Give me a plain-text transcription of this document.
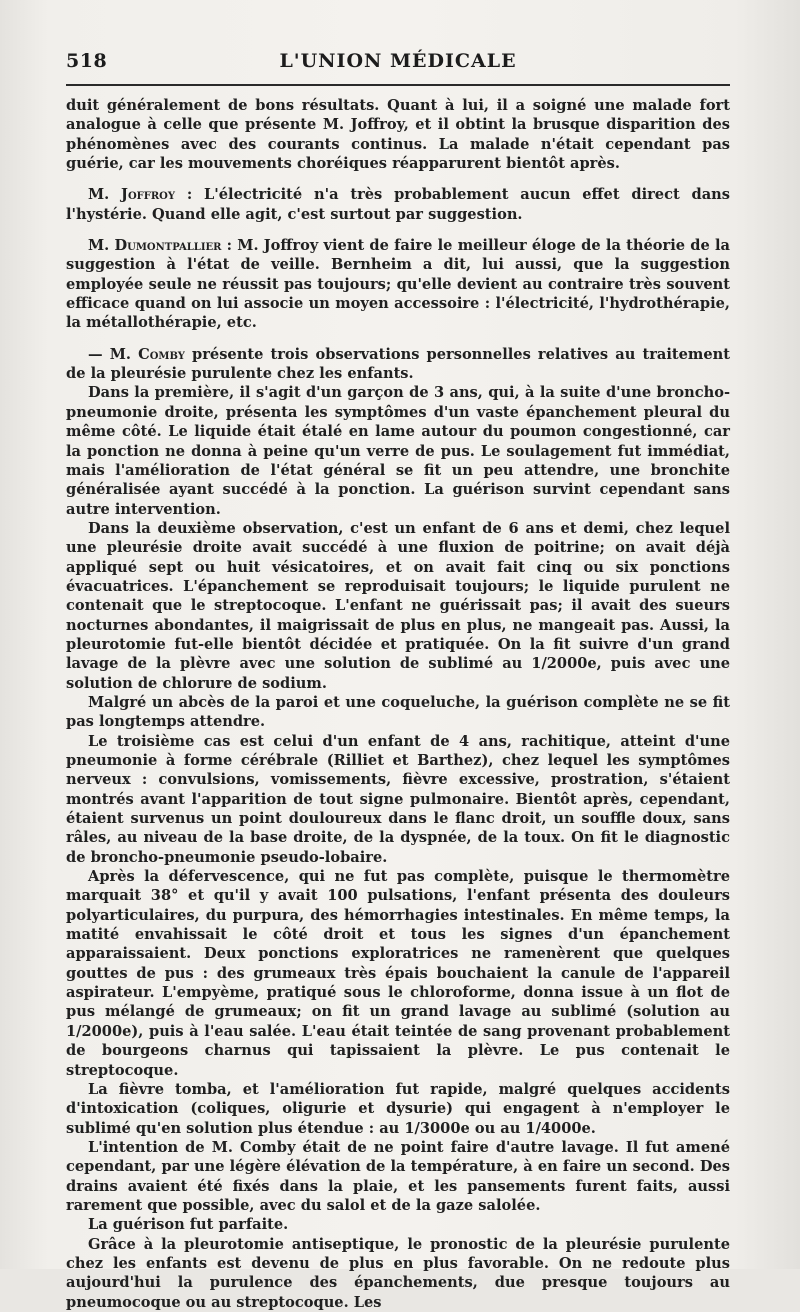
518	L'UNION MÉDICALE

duit généralement de bons résultats. Quant à lui, il a soigné une malade fort analogue à celle que présente M. Joffroy, et il obtint la brusque disparition des phénomènes avec des courants continus. La malade n'était cependant pas guérie, car les mouvements choréiques réapparurent bientôt après.

M. Joffroy : L'électricité n'a très probablement aucun effet direct dans l'hystérie. Quand elle agit, c'est surtout par suggestion.

M. Dumontpallier : M. Joffroy vient de faire le meilleur éloge de la théorie de la suggestion à l'état de veille. Bernheim a dit, lui aussi, que la suggestion employée seule ne réussit pas toujours; qu'elle devient au contraire très souvent efficace quand on lui associe un moyen accessoire : l'électricité, l'hydrothérapie, la métallothérapie, etc.

— M. Comby présente trois observations personnelles relatives au traitement de la pleurésie purulente chez les enfants.

Dans la première, il s'agit d'un garçon de 3 ans, qui, à la suite d'une broncho-pneumonie droite, présenta les symptômes d'un vaste épanchement pleural du même côté. Le liquide était étalé en lame autour du poumon congestionné, car la ponction ne donna à peine qu'un verre de pus. Le soulagement fut immédiat, mais l'amélioration de l'état général se fit un peu attendre, une bronchite généralisée ayant succédé à la ponction. La guérison survint cependant sans autre intervention.

Dans la deuxième observation, c'est un enfant de 6 ans et demi, chez lequel une pleurésie droite avait succédé à une fluxion de poitrine; on avait déjà appliqué sept ou huit vésicatoires, et on avait fait cinq ou six ponctions évacuatrices. L'épanchement se reproduisait toujours; le liquide purulent ne contenait que le streptocoque. L'enfant ne guérissait pas; il avait des sueurs nocturnes abondantes, il maigrissait de plus en plus, ne mangeait pas. Aussi, la pleurotomie fut-elle bientôt décidée et pratiquée. On la fit suivre d'un grand lavage de la plèvre avec une solution de sublimé au 1/2000e, puis avec une solution de chlorure de sodium.

Malgré un abcès de la paroi et une coqueluche, la guérison complète ne se fit pas longtemps attendre.

Le troisième cas est celui d'un enfant de 4 ans, rachitique, atteint d'une pneumonie à forme cérébrale (Rilliet et Barthez), chez lequel les symptômes nerveux : convulsions, vomissements, fièvre excessive, prostration, s'étaient montrés avant l'apparition de tout signe pulmonaire. Bientôt après, cependant, étaient survenus un point douloureux dans le flanc droit, un souffle doux, sans râles, au niveau de la base droite, de la dyspnée, de la toux. On fit le diagnostic de broncho-pneumonie pseudo-lobaire.

Après la défervescence, qui ne fut pas complète, puisque le thermomètre marquait 38° et qu'il y avait 100 pulsations, l'enfant présenta des douleurs polyarticulaires, du purpura, des hémorrhagies intestinales. En même temps, la matité envahissait le côté droit et tous les signes d'un épanchement apparaissaient. Deux ponctions exploratrices ne ramenèrent que quelques gouttes de pus : des grumeaux très épais bouchaient la canule de l'appareil aspirateur. L'empyème, pratiqué sous le chloroforme, donna issue à un flot de pus mélangé de grumeaux; on fit un grand lavage au sublimé (solution au 1/2000e), puis à l'eau salée. L'eau était teintée de sang provenant probablement de bourgeons charnus qui tapissaient la plèvre. Le pus contenait le streptocoque.

La fièvre tomba, et l'amélioration fut rapide, malgré quelques accidents d'intoxication (coliques, oligurie et dysurie) qui engagent à n'employer le sublimé qu'en solution plus étendue : au 1/3000e ou au 1/4000e.

L'intention de M. Comby était de ne point faire d'autre lavage. Il fut amené cependant, par une légère élévation de la température, à en faire un second. Des drains avaient été fixés dans la plaie, et les pansements furent faits, aussi rarement que possible, avec du salol et de la gaze salolée.

La guérison fut parfaite.

Grâce à la pleurotomie antiseptique, le pronostic de la pleurésie purulente chez les enfants est devenu de plus en plus favorable. On ne redoute plus aujourd'hui la purulence des épanchements, due presque toujours au pneumocoque ou au streptocoque. Les
